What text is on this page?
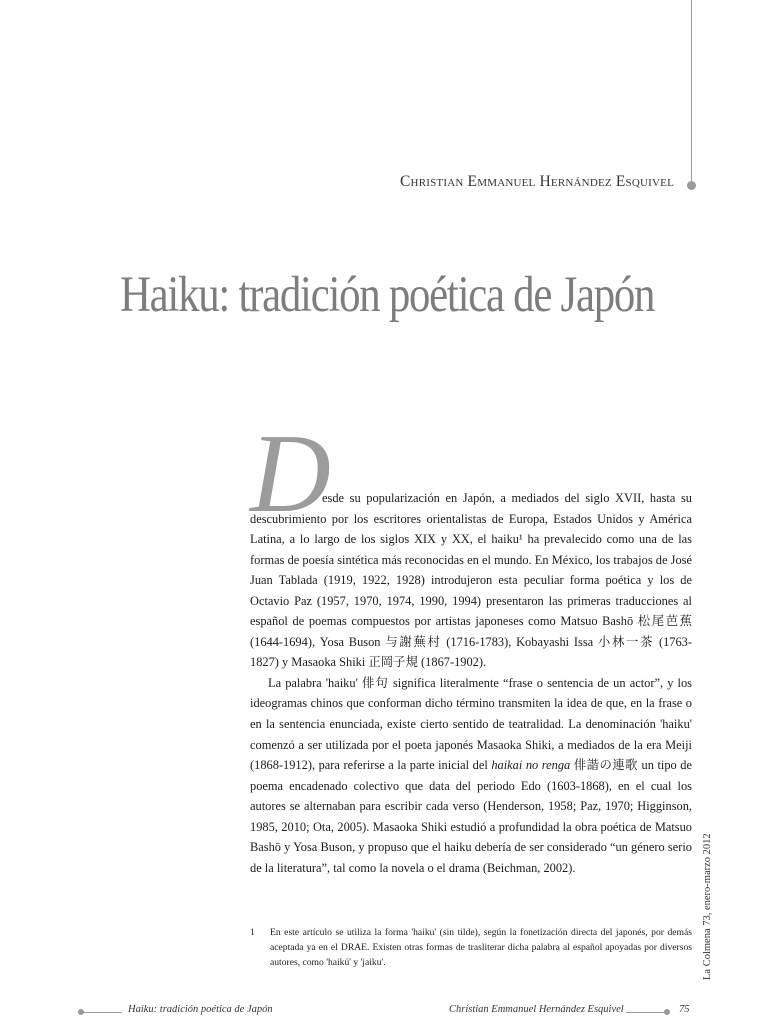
Christian Emmanuel Hernández Esquivel
Haiku: tradición poética de Japón
D

esde su popularización en Japón, a mediados del siglo XVII, hasta su descubrimiento por los escritores orientalistas de Europa, Estados Unidos y América Latina, a lo largo de los siglos XIX y XX, el haiku¹ ha prevalecido como una de las formas de poesía sintética más reconocidas en el mundo. En México, los trabajos de José Juan Tablada (1919, 1922, 1928) introdujeron esta peculiar forma poética y los de Octavio Paz (1957, 1970, 1974, 1990, 1994) presentaron las primeras traducciones al español de poemas compuestos por artistas japoneses como Matsuo Bashō 松尾芭蕉 (1644-1694), Yosa Buson 与謝蕪村 (1716-1783), Kobayashi Issa 小林一茶 (1763-1827) y Masaoka Shiki 正岡子規 (1867-1902).

La palabra 'haiku' 俳句 significa literalmente “frase o sentencia de un actor”, y los ideogramas chinos que conforman dicho término transmiten la idea de que, en la frase o en la sentencia enunciada, existe cierto sentido de teatralidad. La denominación 'haiku' comenzó a ser utilizada por el poeta japonés Masaoka Shiki, a mediados de la era Meiji (1868-1912), para referirse a la parte inicial del haikai no renga 俳諧の連歌 un tipo de poema encadenado colectivo que data del periodo Edo (1603-1868), en el cual los autores se alternaban para escribir cada verso (Henderson, 1958; Paz, 1970; Higginson, 1985, 2010; Ota, 2005). Masaoka Shiki estudió a profundidad la obra poética de Matsuo Bashō y Yosa Buson, y propuso que el haiku debería de ser considerado “un género serio de la literatura”, tal como la novela o el drama (Beichman, 2002).

1 En este artículo se utiliza la forma 'haiku' (sin tilde), según la fonetización directa del japonés, por demás aceptada ya en el DRAE. Existen otras formas de trasliterar dicha palabra al español apoyadas por diversos autores, como 'haikú' y 'jaiku'.	La Colmena 73, enero-marzo 2012
Haiku: tradición poética de Japón	Christian Emmanuel Hernández Esquivel	75
